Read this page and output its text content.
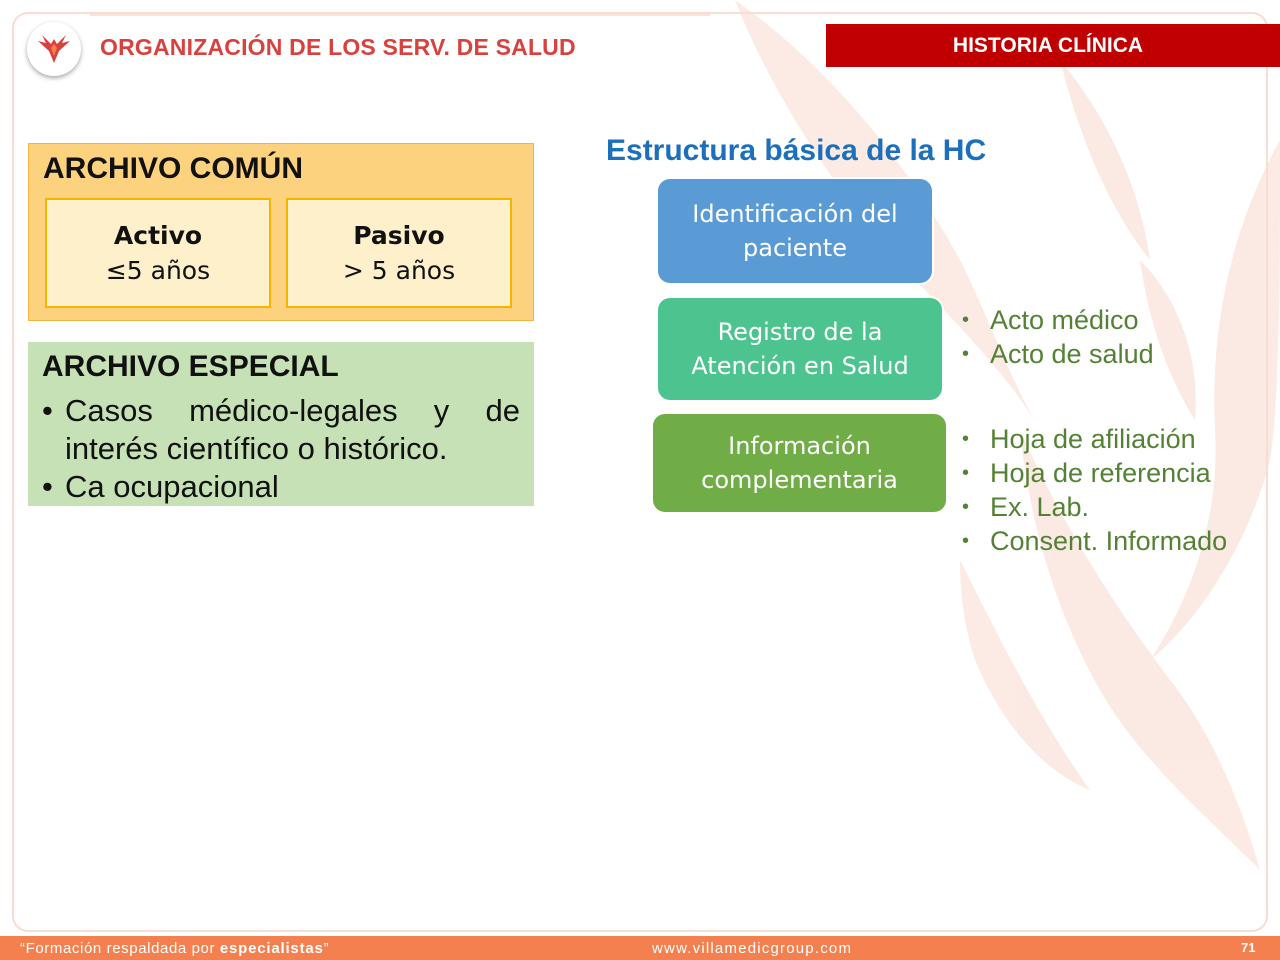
ORGANIZACIÓN DE LOS SERV. DE SALUD	HISTORIA CLÍNICA
ARCHIVO COMÚN
Activo
≤5 años
Pasivo
> 5 años
ARCHIVO ESPECIAL
• Casos médico-legales y de interés científico o histórico.
• Ca ocupacional
Estructura básica de la HC
Identificación del
paciente
Registro de la
Atención en Salud
• Acto médico
• Acto de salud
Información
complementaria
• Hoja de afiliación
• Hoja de referencia
• Ex. Lab.
• Consent. Informado
“Formación respaldada por especialistas”	www.villamedicgroup.com	71
